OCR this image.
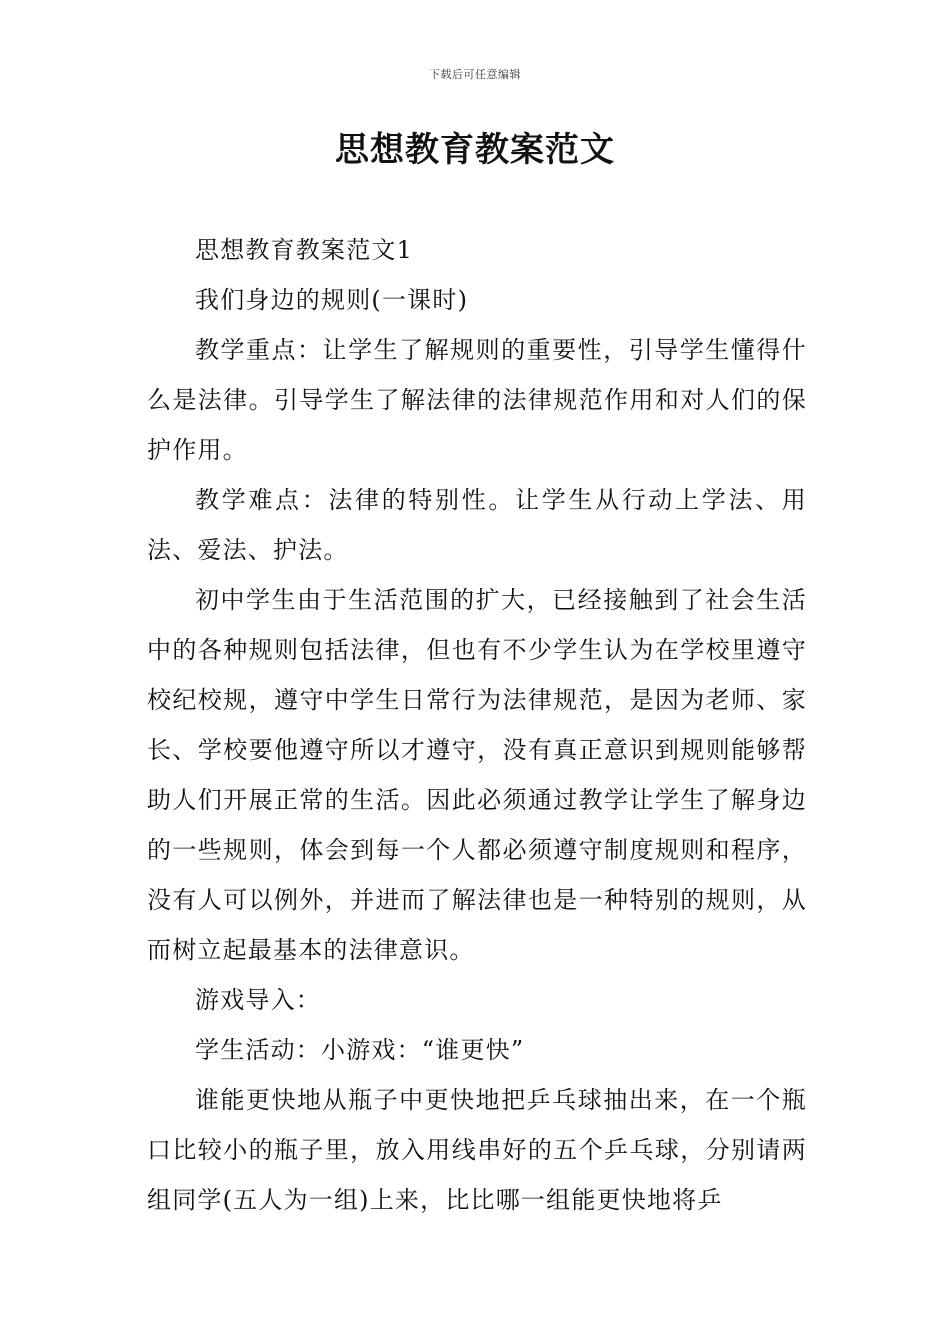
下载后可任意编辑
思想教育教案范文

思想教育教案范文1

我们身边的规则(一课时)

教学重点：让学生了解规则的重要性，引导学生懂得什么是法律。引导学生了解法律的法律规范作用和对人们的保护作用。

教学难点：法律的特别性。让学生从行动上学法、用法、爱法、护法。

初中学生由于生活范围的扩大，已经接触到了社会生活中的各种规则包括法律，但也有不少学生认为在学校里遵守校纪校规，遵守中学生日常行为法律规范，是因为老师、家长、学校要他遵守所以才遵守，没有真正意识到规则能够帮助人们开展正常的生活。因此必须通过教学让学生了解身边的一些规则，体会到每一个人都必须遵守制度规则和程序，没有人可以例外，并进而了解法律也是一种特别的规则，从而树立起最基本的法律意识。

游戏导入：

学生活动：小游戏：“谁更快”

谁能更快地从瓶子中更快地把乒乓球抽出来，在一个瓶口比较小的瓶子里，放入用线串好的五个乒乓球，分别请两组同学(五人为一组)上来，比比哪一组能更快地将乒
